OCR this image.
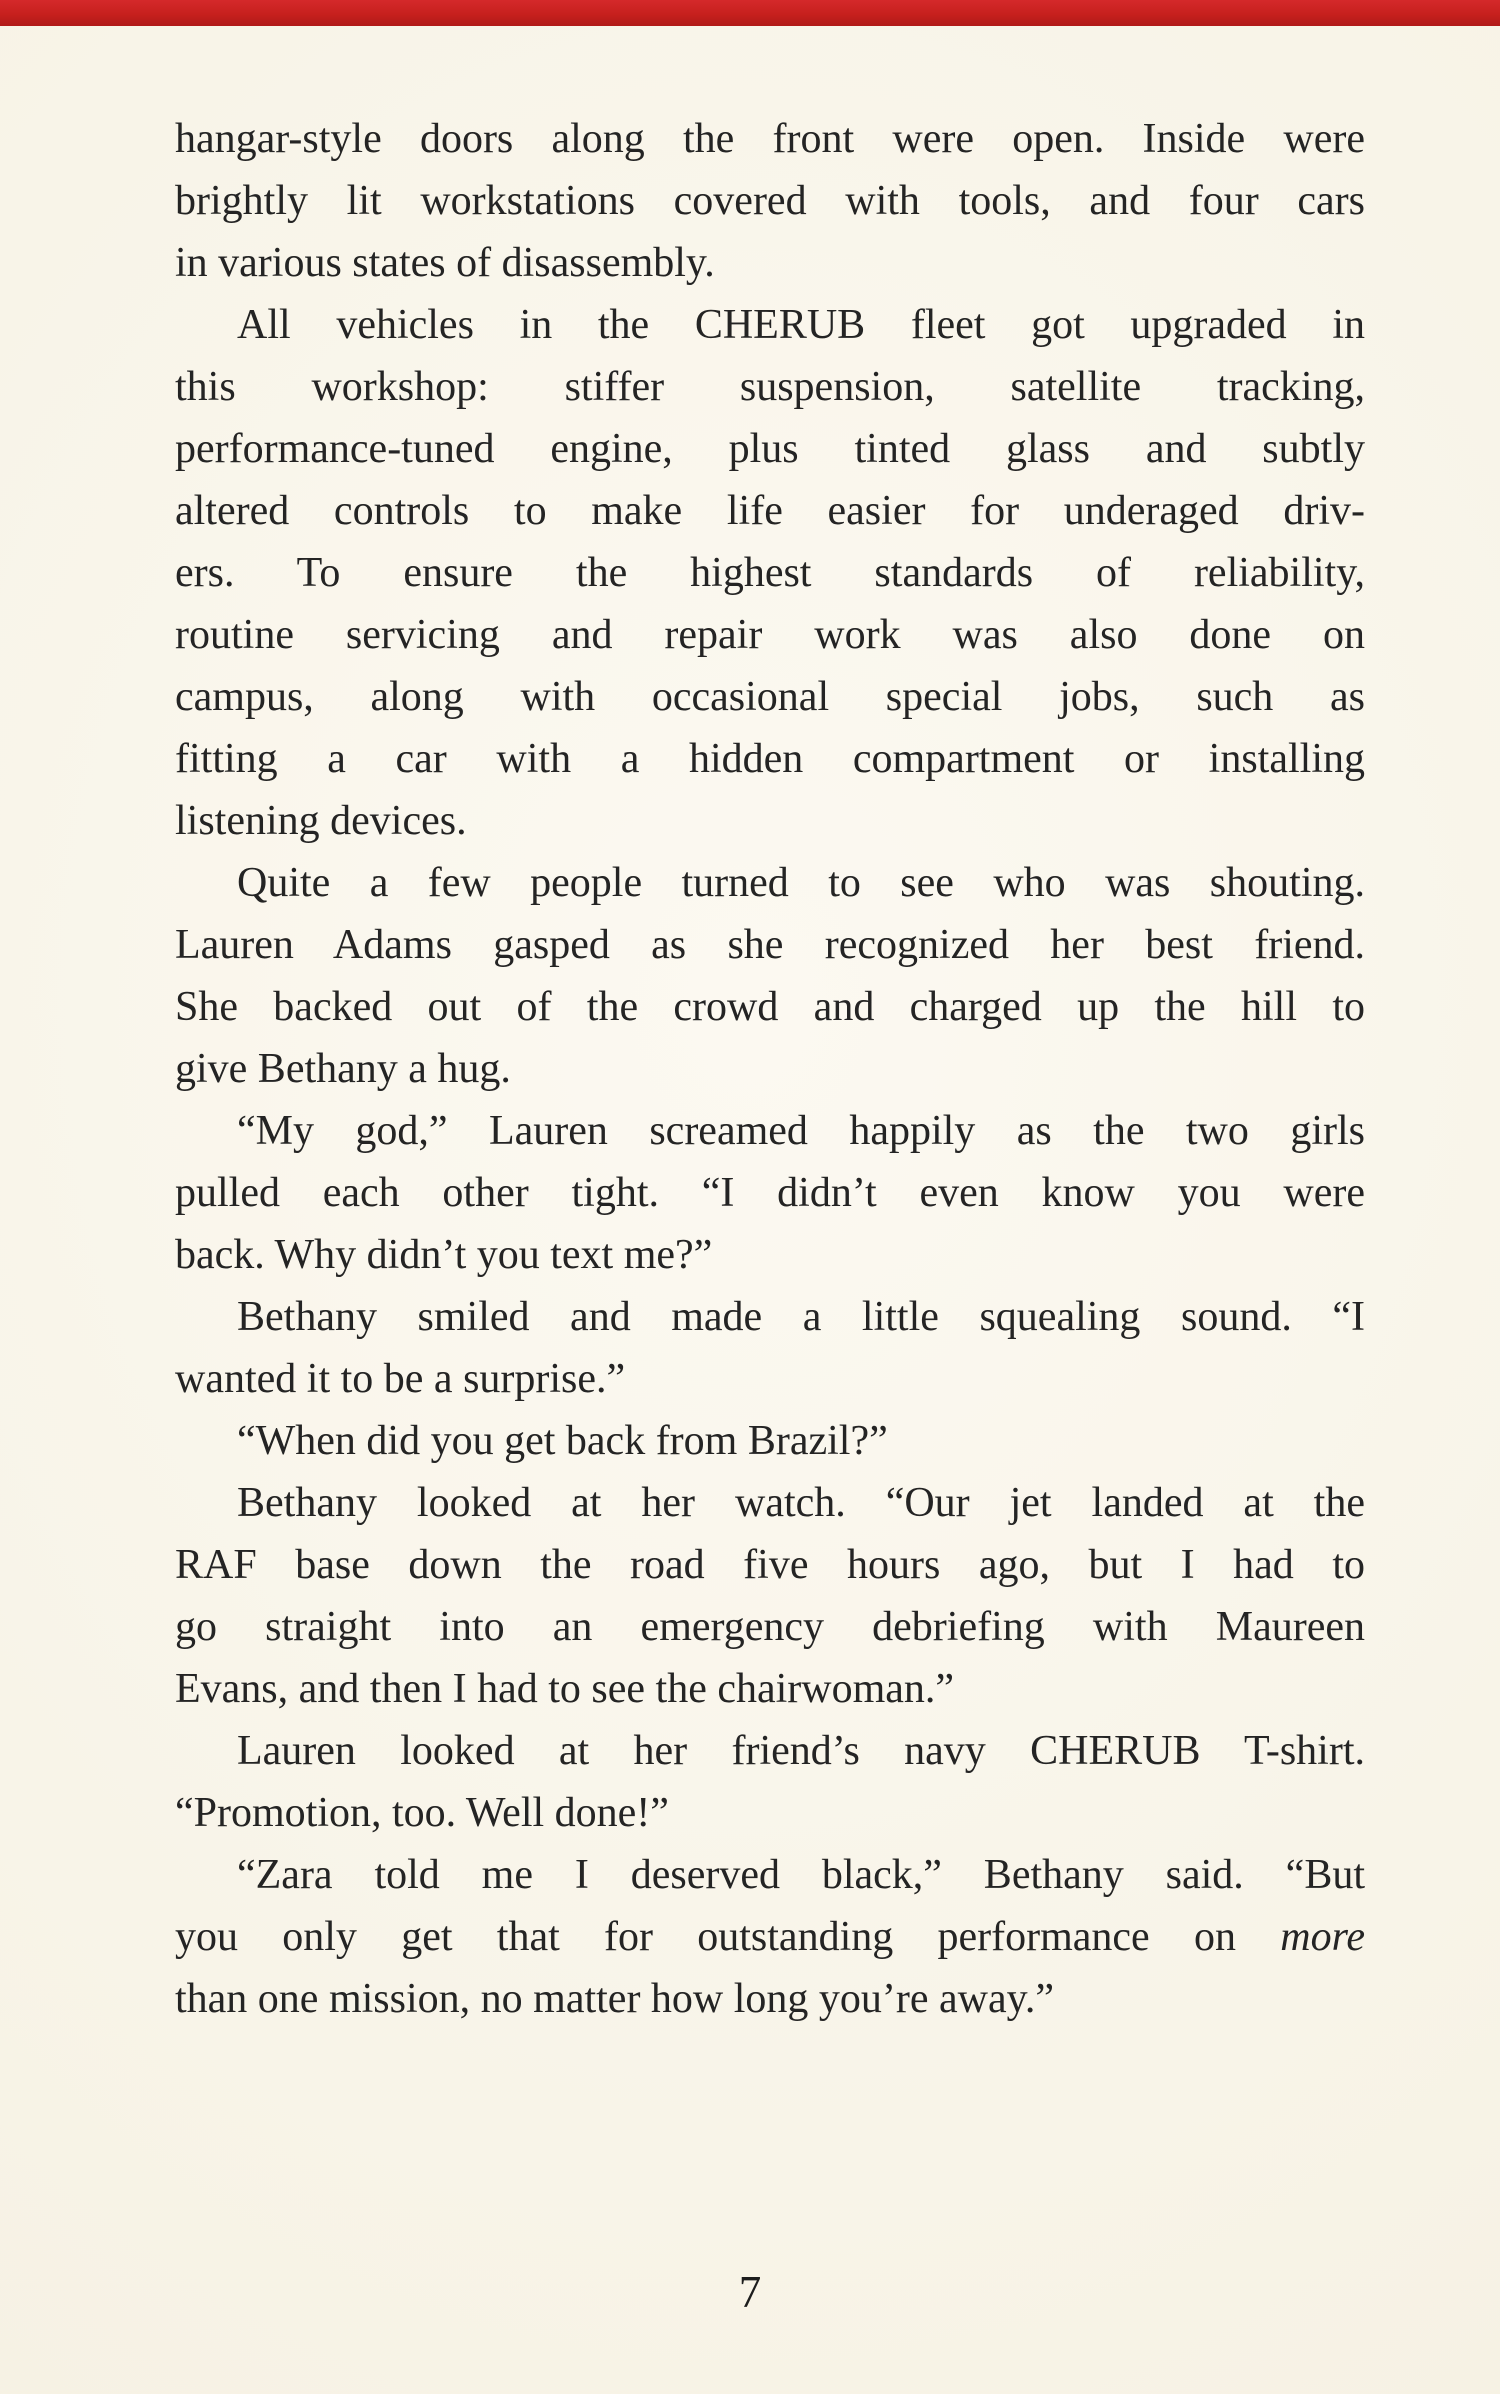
hangar-style doors along the front were open. Inside were
brightly lit workstations covered with tools, and four cars
in various states of disassembly.
All vehicles in the CHERUB fleet got upgraded in
this workshop: stiffer suspension, satellite tracking,
performance-tuned engine, plus tinted glass and subtly
altered controls to make life easier for underaged driv-
ers. To ensure the highest standards of reliability,
routine servicing and repair work was also done on
campus, along with occasional special jobs, such as
fitting a car with a hidden compartment or installing
listening devices.
Quite a few people turned to see who was shouting.
Lauren Adams gasped as she recognized her best friend.
She backed out of the crowd and charged up the hill to
give Bethany a hug.
“My god,” Lauren screamed happily as the two girls
pulled each other tight. “I didn’t even know you were
back. Why didn’t you text me?”
Bethany smiled and made a little squealing sound. “I
wanted it to be a surprise.”
“When did you get back from Brazil?”
Bethany looked at her watch. “Our jet landed at the
RAF base down the road five hours ago, but I had to
go straight into an emergency debriefing with Maureen
Evans, and then I had to see the chairwoman.”
Lauren looked at her friend’s navy CHERUB T-shirt.
“Promotion, too. Well done!”
“Zara told me I deserved black,” Bethany said. “But
you only get that for outstanding performance on more
than one mission, no matter how long you’re away.”
7
